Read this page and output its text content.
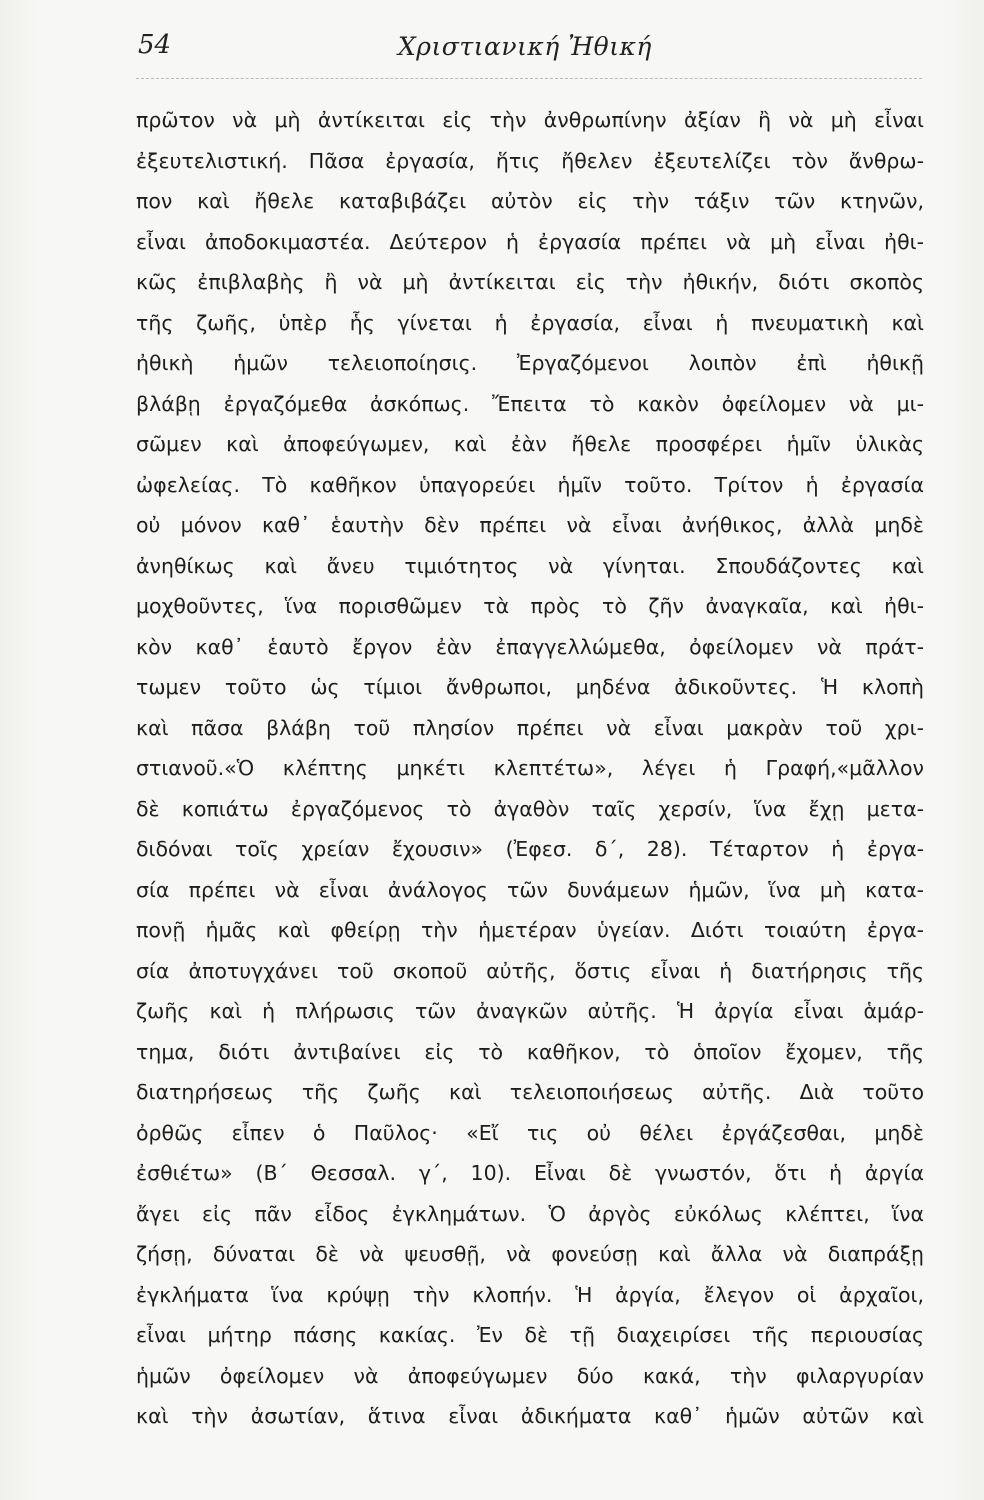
54	Χριστιανική Ἠθική
πρῶτον νὰ μὴ ἀντίκειται εἰς τὴν ἀνθρωπίνην ἀξίαν ἢ νὰ μὴ εἶναι
ἐξευτελιστική. Πᾶσα ἐργασία, ἥτις ἤθελεν ἐξευτελίζει τὸν ἄνθρω-
πον καὶ ἤθελε καταβιβάζει αὐτὸν εἰς τὴν τάξιν τῶν κτηνῶν,
εἶναι ἀποδοκιμαστέα. Δεύτερον ἡ ἐργασία πρέπει νὰ μὴ εἶναι ἠθι-
κῶς ἐπιβλαβὴς ἢ νὰ μὴ ἀντίκειται εἰς τὴν ἠθικήν, διότι σκοπὸς
τῆς ζωῆς, ὑπὲρ ἧς γίνεται ἡ ἐργασία, εἶναι ἡ πνευματικὴ καὶ
ἠθικὴ ἡμῶν τελειοποίησις. Ἐργαζόμενοι λοιπὸν ἐπὶ ἠθικῇ
βλάβῃ ἐργαζόμεθα ἀσκόπως. Ἔπειτα τὸ κακὸν ὀφείλομεν νὰ μι-
σῶμεν καὶ ἀποφεύγωμεν, καὶ ἐὰν ἤθελε προσφέρει ἡμῖν ὑλικὰς
ὠφελείας. Τὸ καθῆκον ὑπαγορεύει ἡμῖν τοῦτο. Τρίτον ἡ ἐργασία
οὐ μόνον καθ᾽ ἑαυτὴν δὲν πρέπει νὰ εἶναι ἀνήθικος, ἀλλὰ μηδὲ
ἀνηθίκως καὶ ἄνευ τιμιότητος νὰ γίνηται. Σπουδάζοντες καὶ
μοχθοῦντες, ἵνα πορισθῶμεν τὰ πρὸς τὸ ζῆν ἀναγκαῖα, καὶ ἠθι-
κὸν καθ᾽ ἑαυτὸ ἔργον ἐὰν ἐπαγγελλώμεθα, ὀφείλομεν νὰ πράτ-
τωμεν τοῦτο ὡς τίμιοι ἄνθρωποι, μηδένα ἀδικοῦντες. Ἡ κλοπὴ
καὶ πᾶσα βλάβη τοῦ πλησίον πρέπει νὰ εἶναι μακρὰν τοῦ χρι-
στιανοῦ.«Ὁ κλέπτης μηκέτι κλεπτέτω», λέγει ἡ Γραφή,«μᾶλλον
δὲ κοπιάτω ἐργαζόμενος τὸ ἀγαθὸν ταῖς χερσίν, ἵνα ἔχῃ μετα-
διδόναι τοῖς χρείαν ἔχουσιν» (Ἐφεσ. δ΄, 28). Τέταρτον ἡ ἐργα-
σία πρέπει νὰ εἶναι ἀνάλογος τῶν δυνάμεων ἡμῶν, ἵνα μὴ κατα-
πονῇ ἡμᾶς καὶ φθείρῃ τὴν ἡμετέραν ὑγείαν. Διότι τοιαύτη ἐργα-
σία ἀποτυγχάνει τοῦ σκοποῦ αὐτῆς, ὅστις εἶναι ἡ διατήρησις τῆς
ζωῆς καὶ ἡ πλήρωσις τῶν ἀναγκῶν αὐτῆς. Ἡ ἀργία εἶναι ἁμάρ-
τημα, διότι ἀντιβαίνει εἰς τὸ καθῆκον, τὸ ὁποῖον ἔχομεν, τῆς
διατηρήσεως τῆς ζωῆς καὶ τελειοποιήσεως αὐτῆς. Διὰ τοῦτο
ὀρθῶς εἶπεν ὁ Παῦλος· «Εἴ τις οὐ θέλει ἐργάζεσθαι, μηδὲ
ἐσθιέτω» (Β΄ Θεσσαλ. γ΄, 10). Εἶναι δὲ γνωστόν, ὅτι ἡ ἀργία
ἄγει εἰς πᾶν εἶδος ἐγκλημάτων. Ὁ ἀργὸς εὐκόλως κλέπτει, ἵνα
ζήσῃ, δύναται δὲ νὰ ψευσθῇ, νὰ φονεύσῃ καὶ ἄλλα νὰ διαπράξῃ
ἐγκλήματα ἵνα κρύψῃ τὴν κλοπήν. Ἡ ἀργία, ἔλεγον οἱ ἀρχαῖοι,
εἶναι μήτηρ πάσης κακίας. Ἐν δὲ τῇ διαχειρίσει τῆς περιουσίας
ἡμῶν ὀφείλομεν νὰ ἀποφεύγωμεν δύο κακά, τὴν φιλαργυρίαν
καὶ τὴν ἀσωτίαν, ἅτινα εἶναι ἀδικήματα καθ᾽ ἡμῶν αὐτῶν καὶ
